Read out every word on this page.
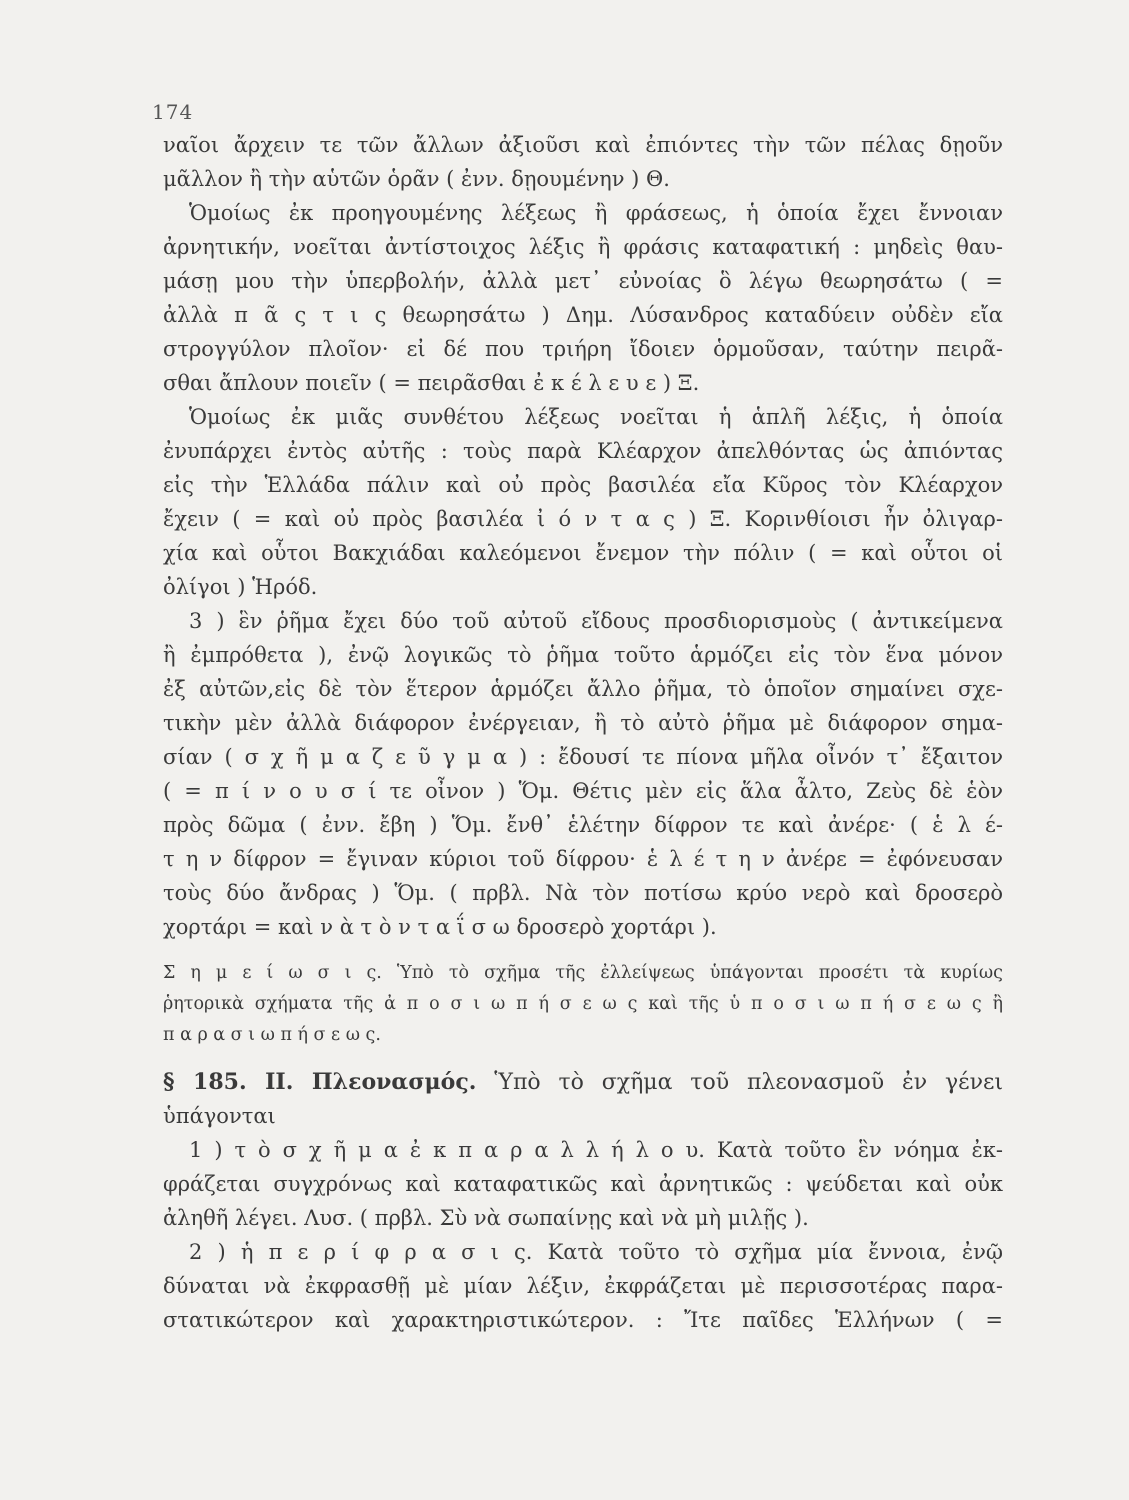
174
ναῖοι ἄρχειν τε τῶν ἄλλων ἀξιοῦσι καὶ ἐπιόντες τὴν τῶν πέλας δῃοῦν
μᾶλλον ἢ τὴν αὑτῶν ὁρᾶν ( ἐνν. δῃουμένην ) Θ.
Ὁμοίως ἐκ προηγουμένης λέξεως ἢ φράσεως, ἡ ὁποία ἔχει ἔννοιαν
ἀρνητικήν, νοεῖται ἀντίστοιχος λέξις ἢ φράσις καταφατική : μηδεὶς θαυ-
μάσῃ μου τὴν ὑπερβολήν, ἀλλὰ μετ᾿ εὐνοίας ὃ λέγω θεωρησάτω ( =
ἀλλὰ π ᾶ ς τ ι ς θεωρησάτω ) Δημ. Λύσανδρος καταδύειν οὐδὲν εἴα
στρογγύλον πλοῖον· εἰ δέ που τριήρη ἴδοιεν ὁρμοῦσαν, ταύτην πειρᾶ-
σθαι ἄπλουν ποιεῖν ( = πειρᾶσθαι ἐ κ έ λ ε υ ε ) Ξ.
Ὁμοίως ἐκ μιᾶς συνθέτου λέξεως νοεῖται ἡ ἁπλῆ λέξις, ἡ ὁποία
ἐνυπάρχει ἐντὸς αὐτῆς : τοὺς παρὰ Κλέαρχον ἀπελθόντας ὡς ἀπιόντας
εἰς τὴν Ἑλλάδα πάλιν καὶ οὐ πρὸς βασιλέα εἴα Κῦρος τὸν Κλέαρχον
ἔχειν ( = καὶ οὐ πρὸς βασιλέα ἰ ό ν τ α ς ) Ξ. Κορινθίοισι ἦν ὀλιγαρ-
χία καὶ οὗτοι Βακχιάδαι καλεόμενοι ἔνεμον τὴν πόλιν ( = καὶ οὗτοι οἱ
ὀλίγοι ) Ἡρόδ.
3 ) ἓν ῥῆμα ἔχει δύο τοῦ αὐτοῦ εἴδους προσδιορισμοὺς ( ἀντικείμενα
ἢ ἐμπρόθετα ), ἐνῷ λογικῶς τὸ ῥῆμα τοῦτο ἁρμόζει εἰς τὸν ἕνα μόνον
ἐξ αὐτῶν,εἰς δὲ τὸν ἕτερον ἁρμόζει ἄλλο ῥῆμα, τὸ ὁποῖον σημαίνει σχε-
τικὴν μὲν ἀλλὰ διάφορον ἐνέργειαν, ἢ τὸ αὐτὸ ῥῆμα μὲ διάφορον σημα-
σίαν ( σ χ ῆ μ α ζ ε ῦ γ μ α ) : ἔδουσί τε πίονα μῆλα οἶνόν τ᾿ ἔξαιτον
( = π ί ν ο υ σ ί τε οἶνον ) Ὅμ. Θέτις μὲν εἰς ἅλα ἆλτο, Ζεὺς δὲ ἑὸν
πρὸς δῶμα ( ἐνν. ἔβη ) Ὅμ. ἔνθ᾿ ἑλέτην δίφρον τε καὶ ἀνέρε· ( ἑ λ έ-
τ η ν δίφρον = ἔγιναν κύριοι τοῦ δίφρου· ἑ λ έ τ η ν ἀνέρε = ἐφόνευσαν
τοὺς δύο ἄνδρας ) Ὅμ. ( πρβλ. Νὰ τὸν ποτίσω κρύο νερὸ καὶ δροσερὸ
χορτάρι = καὶ ν ὰ τ ὸ ν τ α ΐ σ ω δροσερὸ χορτάρι ).
Σ η μ ε ί ω σ ι ς. Ὑπὸ τὸ σχῆμα τῆς ἐλλείψεως ὑπάγονται προσέτι τὰ κυρίως
ῥητορικὰ σχήματα τῆς ἀ π ο σ ι ω π ή σ ε ω ς καὶ τῆς ὑ π ο σ ι ω π ή σ ε ω ς ἢ
π α ρ α σ ι ω π ή σ ε ω ς.
§ 185. ΙΙ. Πλεονασμός. Ὑπὸ τὸ σχῆμα τοῦ πλεονασμοῦ ἐν γένει
ὑπάγονται
1 ) τ ὸ σ χ ῆ μ α ἐ κ π α ρ α λ λ ή λ ο υ. Κατὰ τοῦτο ἓν νόημα ἐκ-
φράζεται συγχρόνως καὶ καταφατικῶς καὶ ἀρνητικῶς : ψεύδεται καὶ οὐκ
ἀληθῆ λέγει. Λυσ. ( πρβλ. Σὺ νὰ σωπαίνῃς καὶ νὰ μὴ μιλῇς ).
2 ) ἡ π ε ρ ί φ ρ α σ ι ς. Κατὰ τοῦτο τὸ σχῆμα μία ἔννοια, ἐνῷ
δύναται νὰ ἐκφρασθῇ μὲ μίαν λέξιν, ἐκφράζεται μὲ περισσοτέρας παρα-
στατικώτερον καὶ χαρακτηριστικώτερον. : Ἴτε παῖδες Ἑλλήνων ( =
